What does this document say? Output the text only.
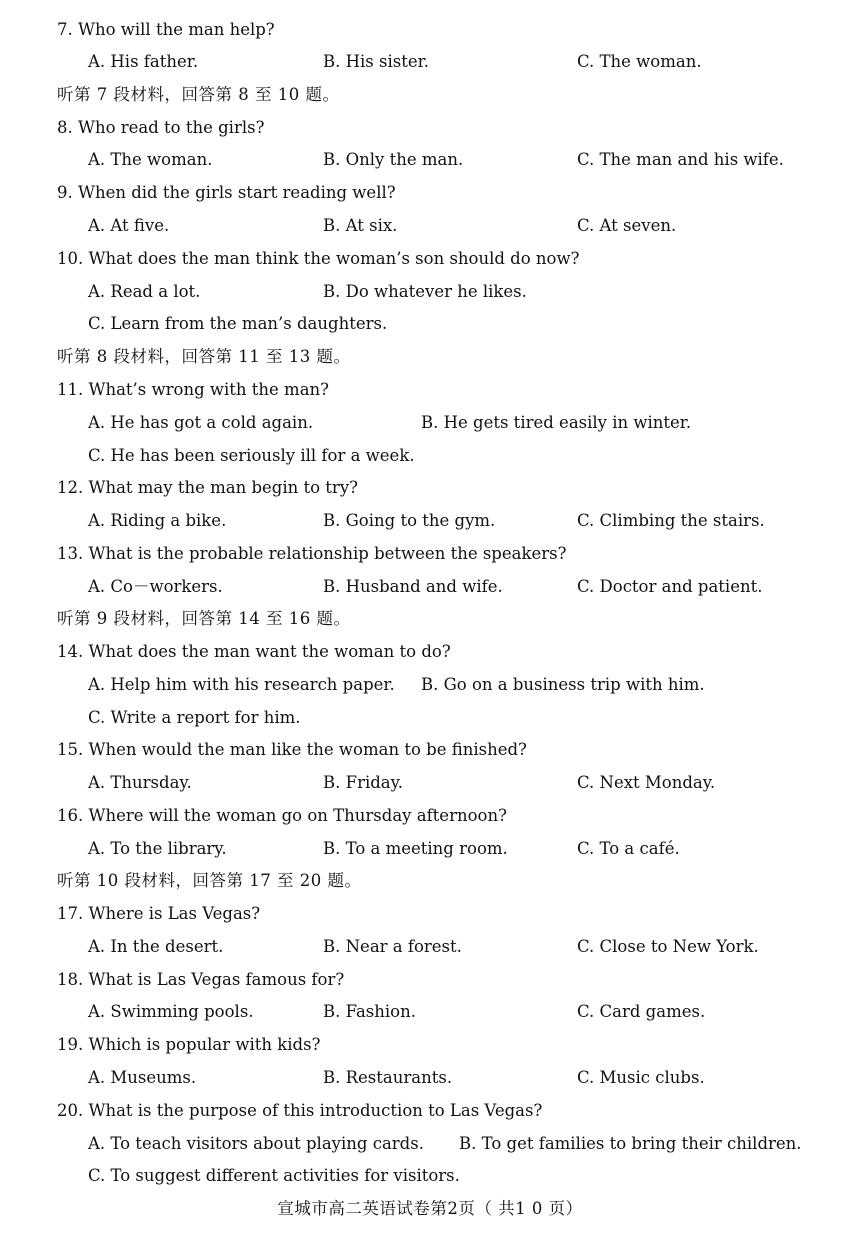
7. Who will the man help?
A. His father.	B. His sister.	C. The woman.
听第 7 段材料，回答第 8 至 10 题。
8. Who read to the girls?
A. The woman.	B. Only the man.	C. The man and his wife.
9. When did the girls start reading well?
A. At five.	B. At six.	C. At seven.
10. What does the man think the woman’s son should do now?
A. Read a lot.	B. Do whatever he likes.
C. Learn from the man’s daughters.
听第 8 段材料，回答第 11 至 13 题。
11. What’s wrong with the man?
A. He has got a cold again.	B. He gets tired easily in winter.
C. He has been seriously ill for a week.
12. What may the man begin to try?
A. Riding a bike.	B. Going to the gym.	C. Climbing the stairs.
13. What is the probable relationship between the speakers?
A. Co－workers.	B. Husband and wife.	C. Doctor and patient.
听第 9 段材料，回答第 14 至 16 题。
14. What does the man want the woman to do?
A. Help him with his research paper. B. Go on a business trip with him.
C. Write a report for him.
15. When would the man like the woman to be finished?
A. Thursday.	B. Friday.	C. Next Monday.
16. Where will the woman go on Thursday afternoon?
A. To the library.	B. To a meeting room.	C. To a café.
听第 10 段材料，回答第 17 至 20 题。
17. Where is Las Vegas?
A. In the desert.	B. Near a forest.	C. Close to New York.
18. What is Las Vegas famous for?
A. Swimming pools.	B. Fashion.	C. Card games.
19. Which is popular with kids?
A. Museums.	B. Restaurants.	C. Music clubs.
20. What is the purpose of this introduction to Las Vegas?
A. To teach visitors about playing cards. B. To get families to bring their children.
C. To suggest different activities for visitors.
宣城市高二英语试卷第2页（ 共1 0 页）
